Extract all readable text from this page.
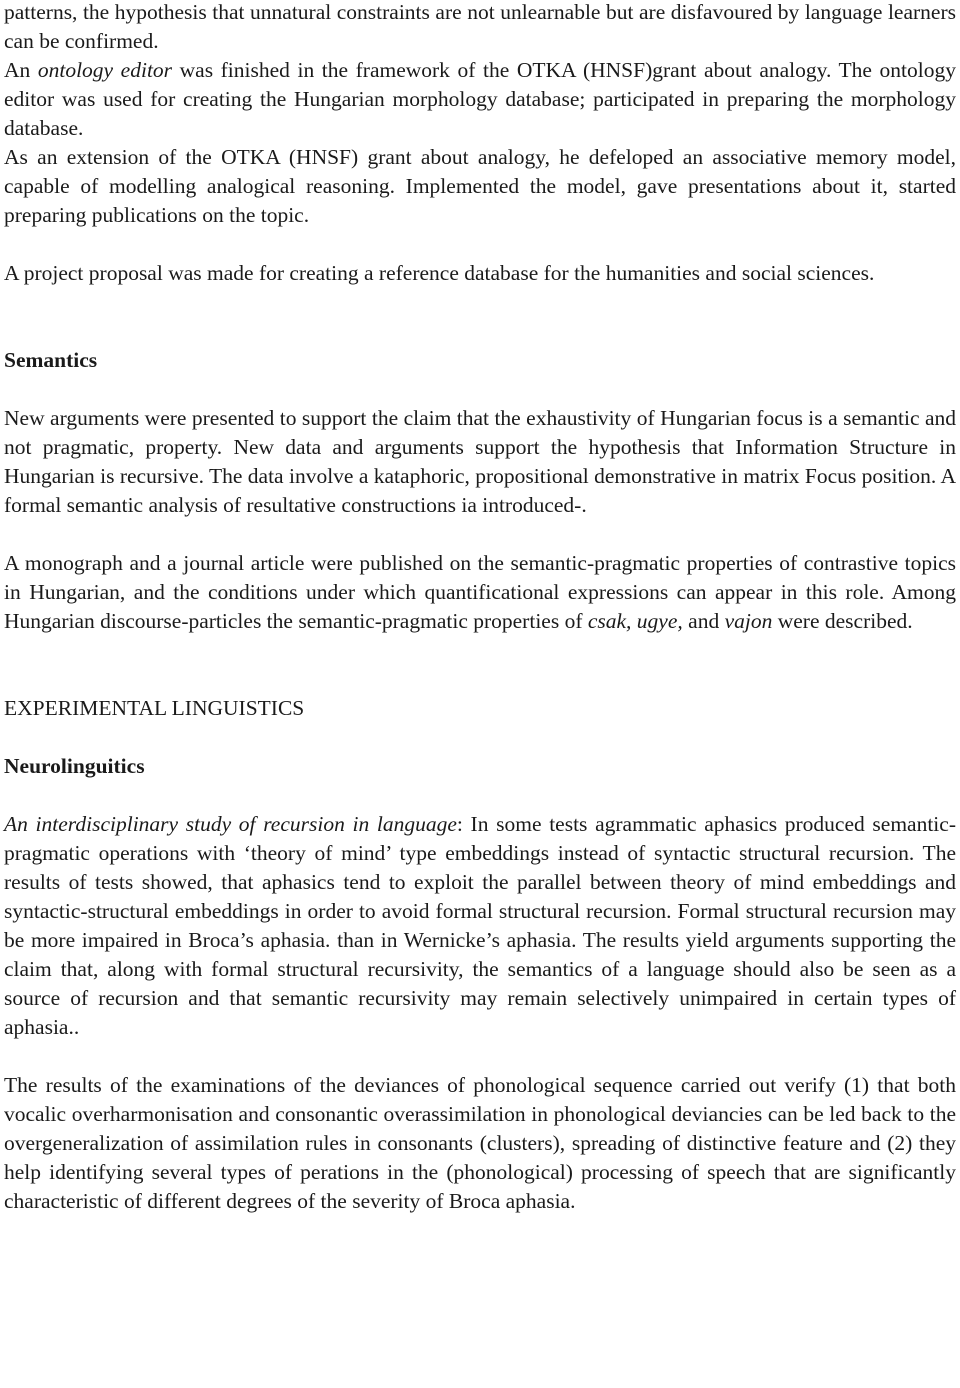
patterns, the hypothesis that unnatural constraints are not unlearnable but are disfavoured by language learners can be confirmed.

An ontology editor was finished in the framework of the OTKA (HNSF)grant about analogy. The ontology editor was used for creating the Hungarian morphology database; participated in preparing the morphology database.

As an extension of the OTKA (HNSF) grant about analogy, he defeloped an associative memory model, capable of modelling analogical reasoning. Implemented the model, gave presentations about it, started preparing publications on the topic.

A project proposal was made for creating a reference database for the humanities and social sciences.

Semantics

New arguments were presented to support the claim that the exhaustivity of Hungarian focus is a semantic and not pragmatic, property. New data and arguments support the hypothesis that Information Structure in Hungarian is recursive. The data involve a kataphoric, propositional demonstrative in matrix Focus position. A formal semantic analysis of resultative constructions ia introduced-.

A monograph and a journal article were published on the semantic-pragmatic properties of contrastive topics in Hungarian, and the conditions under which quantificational expressions can appear in this role. Among Hungarian discourse-particles the semantic-pragmatic properties of csak, ugye, and vajon were described.

EXPERIMENTAL LINGUISTICS

Neurolinguitics

An interdisciplinary study of recursion in language: In some tests agrammatic aphasics produced semantic-pragmatic operations with ‘theory of mind’ type embeddings instead of syntactic structural recursion. The results of tests showed, that aphasics tend to exploit the parallel between theory of mind embeddings and syntactic-structural embeddings in order to avoid formal structural recursion. Formal structural recursion may be more impaired in Broca’s aphasia. than in Wernicke’s aphasia. The results yield arguments supporting the claim that, along with formal structural recursivity, the semantics of a language should also be seen as a source of recursion and that semantic recursivity may remain selectively unimpaired in certain types of aphasia..

The results of the examinations of the deviances of phonological sequence carried out verify (1) that both vocalic overharmonisation and consonantic overassimilation in phonological deviancies can be led back to the overgeneralization of assimilation rules in consonants (clusters), spreading of distinctive feature and (2) they help identifying several types of perations in the (phonological) processing of speech that are significantly characteristic of different degrees of the severity of Broca aphasia.
